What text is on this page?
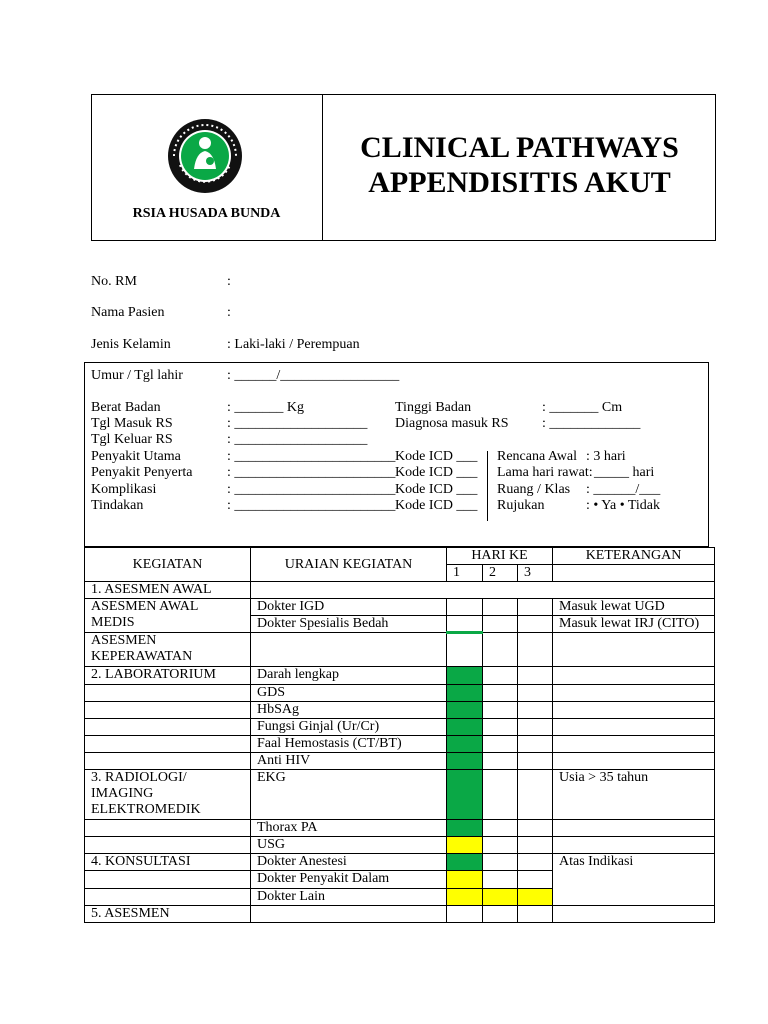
RSIA HUSADA BUNDA
CLINICAL PATHWAYS
APPENDISITIS AKUT
No. RM	:
Nama Pasien	:
Jenis Kelamin	: Laki-laki / Perempuan
Umur / Tgl lahir	: ______/_________________
Berat Badan	: _______ Kg	Tinggi Badan	: _______ Cm
Tgl Masuk RS	: ___________________ Diagnosa masuk RS : _____________
Tgl Keluar RS	: ___________________
Penyakit Utama	: _______________________ Kode ICD ___ Rencana Awal : 3 hari
Penyakit Penyerta : _______________________ Kode ICD ___ Lama hari rawat: _____ hari
Komplikasi	: _______________________ Kode ICD ___ Ruang / Klas : ______/___
Tindakan	: _______________________ Kode ICD ___ Rujukan	: • Ya • Tidak
KEGIATAN	URAIAN KEGIATAN	HARI KE			KETERANGAN
		1	2	3	
1. ASESMEN AWAL					
ASESMEN AWAL MEDIS	Dokter IGD				Masuk lewat UGD
	Dokter Spesialis Bedah				Masuk lewat IRJ (CITO)
ASESMEN KEPERAWATAN					
2. LABORATORIUM	Darah lengkap				
	GDS				
	HbSAg				
	Fungsi Ginjal (Ur/Cr)				
	Faal Hemostasis (CT/BT)				
	Anti HIV				
3. RADIOLOGI/ IMAGING ELEKTROMEDIK	EKG				Usia > 35 tahun
	Thorax PA				
	USG				
4. KONSULTASI	Dokter Anestesi				Atas Indikasi
	Dokter Penyakit Dalam				
	Dokter Lain				
5. ASESMEN					
